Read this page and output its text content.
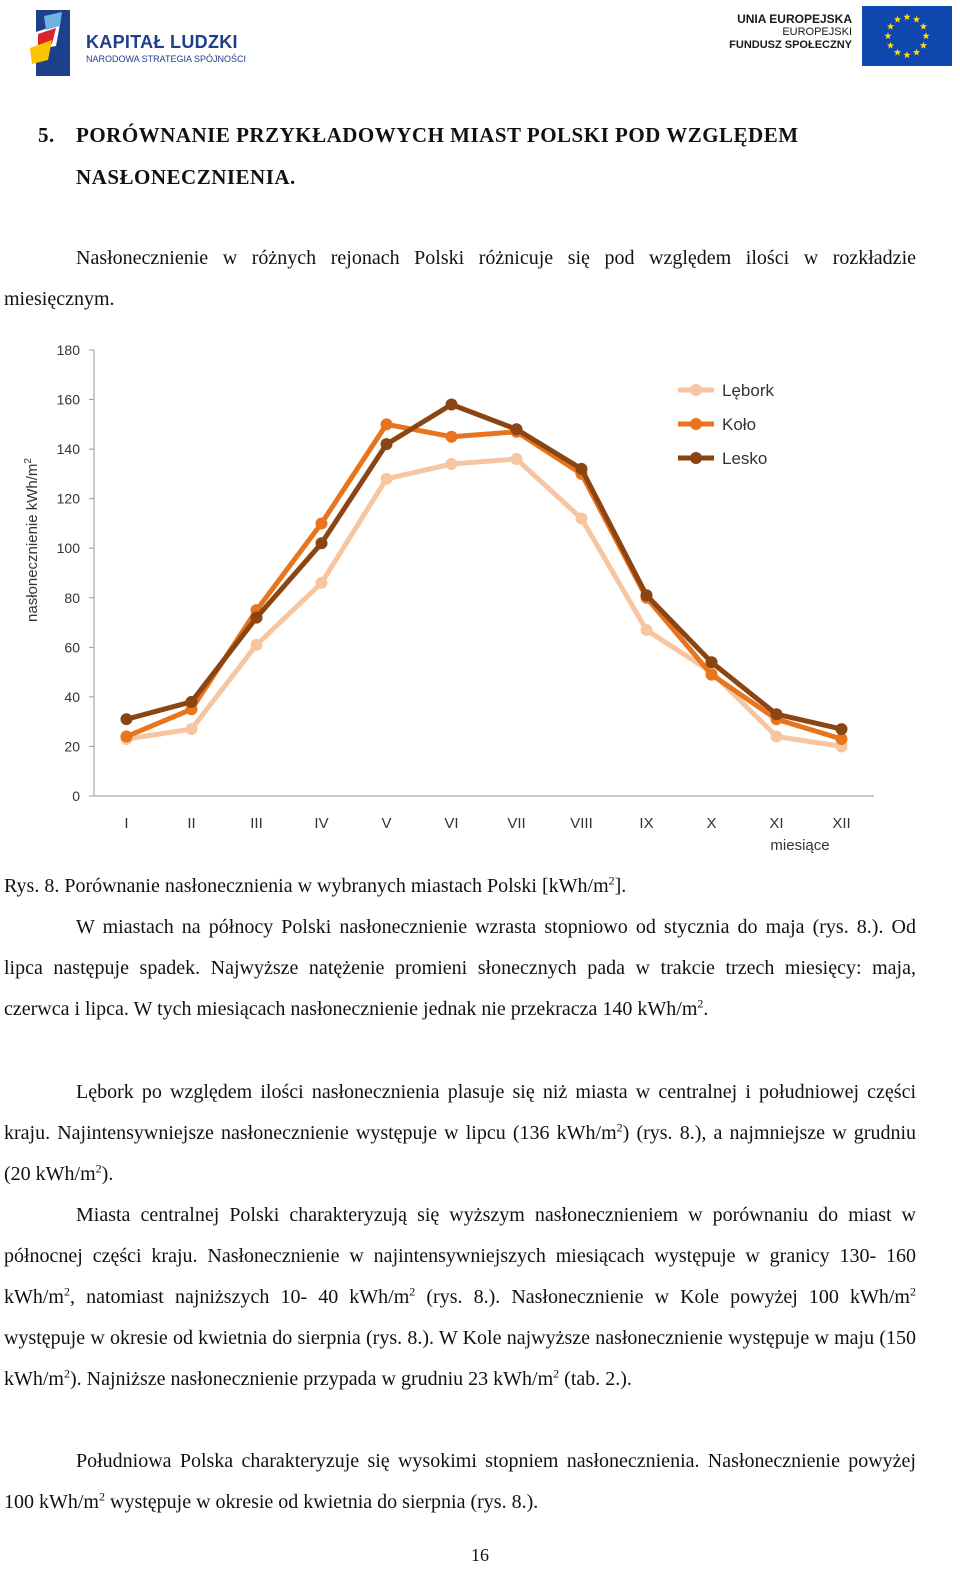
KAPITAŁ LUDZKI
NARODOWA STRATEGIA SPÓJNOŚCI
UNIA EUROPEJSKA
EUROPEJSKI
FUNDUSZ SPOŁECZNY
5. PORÓWNANIE PRZYKŁADOWYCH MIAST POLSKI POD WZGLĘDEM
NASŁONECZNIENIA.
Nasłonecznienie w różnych rejonach Polski różnicuje się pod względem ilości w rozkładzie miesięcznym.
0
20
40
60
80
100
120
140
160
180
I	II	III	IV	V	VI	VII	VIII	IX	X	XI	XII
Lębork
Koło
Lesko
nasłonecznienie kWh/$m^2$
miesiące
Rys. 8. Porównanie nasłonecznienia w wybranych miastach Polski $[kWh/m^2]$.
W miastach na północy Polski nasłonecznienie wzrasta stopniowo od stycznia do maja (rys. 8.). Od lipca następuje spadek. Najwyższe natężenie promieni słonecznych pada w trakcie trzech miesięcy: maja, czerwca i lipca. W tych miesiącach nasłonecznienie jednak nie przekracza 140 kWh/$m^2$.
Lębork po względem ilości nasłonecznienia plasuje się niż miasta w centralnej i południowej części kraju. Najintensywniejsze nasłonecznienie występuje w lipcu (136 kWh/$m^2$) (rys. 8.), a najmniejsze w grudniu (20 kWh/$m^2$).
Miasta centralnej Polski charakteryzują się wyższym nasłonecznieniem w porównaniu do miast w północnej części kraju. Nasłonecznienie w najintensywniejszych miesiącach występuje w granicy 130- 160 kWh/$m^2$, natomiast najniższych 10- 40 kWh/$m^2$ (rys. 8.). Nasłonecznienie w Kole powyżej 100 kWh/$m^2$ występuje w okresie od kwietnia do sierpnia (rys. 8.). W Kole najwyższe nasłonecznienie występuje w maju (150 kWh/$m^2$). Najniższe nasłonecznienie przypada w grudniu 23 kWh/$m^2$ (tab. 2.).
Południowa Polska charakteryzuje się wysokimi stopniem nasłonecznienia. Nasłonecznienie powyżej 100 kWh/$m^2$ występuje w okresie od kwietnia do sierpnia (rys. 8.).
16
